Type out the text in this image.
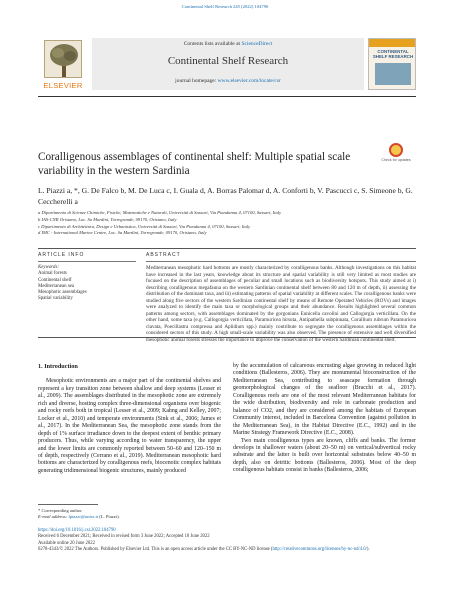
Continental Shelf Research 245 (2022) 104790
ELSEVIER
Contents lists available at ScienceDirect
Continental Shelf Research
journal homepage: www.elsevier.com/locate/csr
CONTINENTAL SHELF RESEARCH
Coralligenous assemblages of continental shelf: Multiple spatial scale variability in the western Sardinia
Check for updates
L. Piazzi a, *, G. De Falco b, M. De Luca c, I. Guala d, A. Borras Palomar d, A. Conforti b, V. Pascucci c, S. Simeone b, G. Ceccherelli a
a Dipartimento di Scienze Chimiche, Fisiche, Matematiche e Naturali, Università di Sassari, Via Piandanna 4, 07100, Sassari, Italy
b IAS-CNR Oristano, Loc. Sa Mardini, Torregrande, 09170, Oristano, Italy
c Dipartimento di Architettura, Design e Urbanistica, Università di Sassari, Via Piandanna 4, 07100, Sassari, Italy
d IMC - International Marine Centre, Loc. Sa Mardini, Torregrande, 09170, Oristano, Italy
ARTICLE INFO	ABSTRACT
Keywords:
Animal forests
Continental shelf
Mediterranean sea
Mesophotic assemblages
Spatial variability
Mediterranean mesophotic hard bottoms are mostly characterized by coralligenous banks. Although investigations on this habitat have increased in the last years, knowledge about its structure and spatial variability is still very limited as most studies are focused on the description of assemblages of peculiar and small locations such as biodiversity hotspots. This study aimed at i) describing coralligenous megafauna on the western Sardinian continental shelf between 80 and 120 m of depth, ii) assessing the distribution of the dominant taxa, and iii) estimating patterns of spatial variability at different scales. The coralligenous banks were studied along five sectors of the western Sardinian continental shelf by means of Remote Operated Vehicles (ROVs) and images were analyzed to identify the main taxa or morphological groups and their abundance. Results highlighted several common patterns among sectors, with assemblages dominated by the gorgonians Eunicella cavolini and Callogorgia verticillata. On the other hand, some taxa (e.g. Callogorgia verticillata, Paramuricea hirsuta, Antipathella subpinnata, Corallium rubrum Paramuricea clavata, Poecillastra compressa and Aplidium spp.) mainly contribute to segregate the coralligenous assemblages within the considered sectors of this study. A high small-scale variability was also observed. The presence of extensive and well diversified mesophotic animal forests stresses the importance to improve the conservation of the western Sardinian continental shelf.

1. Introduction

Mesophotic environments are a major part of the continental shelves and represent a key transition zone between shallow and deep systems (Lesser et al., 2009). The assemblages distributed in the mesophotic zone are extremely rich and diverse, hosting complex three-dimensional organisms over biogenic and rocky reefs both in tropical (Lesser et al., 2009; Kahng and Kelley, 2007; Locker et al., 2010) and temperate environments (Sink et al., 2006; James et al., 2017). In the Mediterranean Sea, the mesophotic zone stands from the depth of 1% surface irradiance down to the deepest extent of benthic primary producers. Thus, while varying according to water transparency, the upper and the lower limits are commonly reported between 50–60 and 120–150 m of depth, respectively (Cerrano et al., 2019). Mediterranean mesophotic hard bottoms are characterized by coralligenous reefs, biocenotic complex habitats generating tridimensional biogenic structures, mainly produced

by the accumulation of calcareous encrusting algae growing in reduced light conditions (Ballesteros, 2006). They are monumental bioconstruction of the Mediterranean Sea, contributing to seascape formation through geomorphological changes of the seafloor (Bracchi et al., 2017). Coralligenous reefs are one of the most relevant Mediterranean habitats for the wide distribution, biodiversity and role in carbonate production and balance of CO2, and they are considered among the habitats of European Community interest, included in Barcelona Convention (against pollution in the Mediterranean Sea), in the Habitat Directive (E.C., 1992) and in the Marine Strategy Framework Directive (E.C., 2008).

Two main coralligenous types are known, cliffs and banks. The former develops in shallower waters (about 20–50 m) on vertical/subvertical rocky substrate and the latter is built over horizontal substrates below 40–50 m depth, also on detritic bottoms (Ballesteros, 2006). Most of the deep coralligenous habitats consist in banks (Ballesteros, 2006;

* Corresponding author.
E-mail address: lpiazzi@uniss.it (L. Piazzi).
https://doi.org/10.1016/j.csr.2022.104790
Received 6 December 2021; Received in revised form 3 June 2022; Accepted 10 June 2022
Available online 20 June 2022
0278-4343/© 2022 The Authors. Published by Elsevier Ltd. This is an open access article under the CC BY-NC-ND license (http://creativecommons.org/licenses/by-nc-nd/4.0/).
